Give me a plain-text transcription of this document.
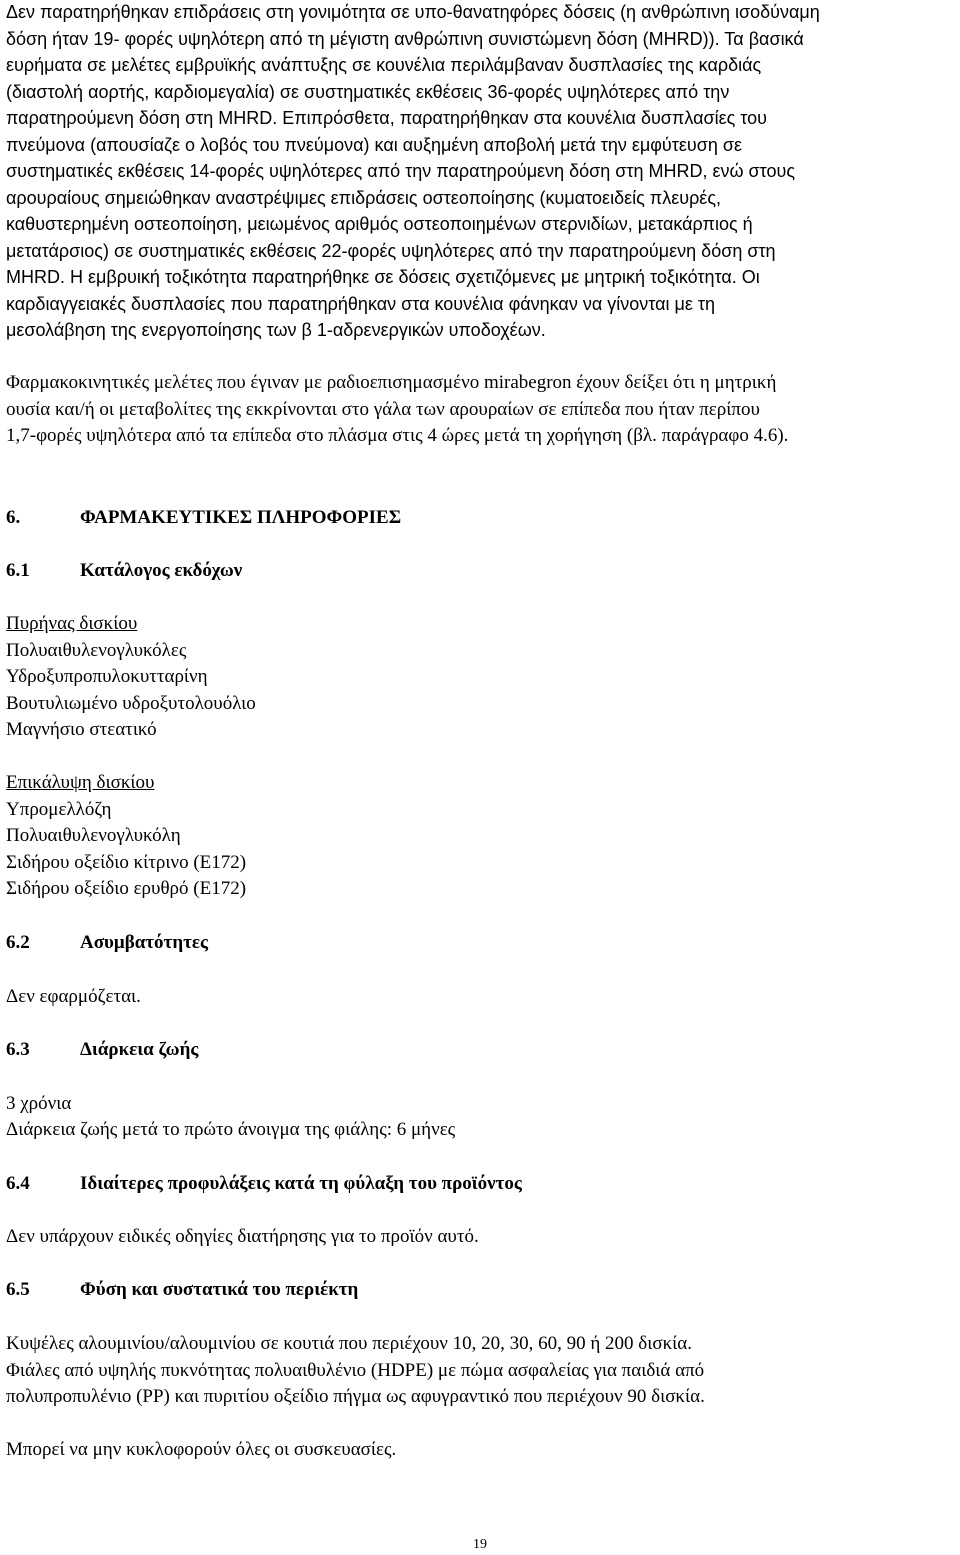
Δεν παρατηρήθηκαν επιδράσεις στη γονιμότητα σε υπο-θανατηφόρες δόσεις (η ανθρώπινη ισοδύναμη
δόση ήταν 19- φορές υψηλότερη από τη μέγιστη ανθρώπινη συνιστώμενη δόση (MHRD)). Τα βασικά
ευρήματα σε μελέτες εμβρυϊκής ανάπτυξης σε κουνέλια περιλάμβαναν δυσπλασίες της καρδιάς
(διαστολή αορτής, καρδιομεγαλία) σε συστηματικές εκθέσεις 36-φορές υψηλότερες από την
παρατηρούμενη δόση στη MHRD. Επιπρόσθετα, παρατηρήθηκαν στα κουνέλια δυσπλασίες του
πνεύμονα (απουσίαζε ο λοβός του πνεύμονα) και αυξημένη αποβολή μετά την εμφύτευση σε
συστηματικές εκθέσεις 14-φορές υψηλότερες από την παρατηρούμενη δόση στη MHRD, ενώ στους
αρουραίους σημειώθηκαν αναστρέψιμες επιδράσεις οστεοποίησης (κυματοειδείς πλευρές,
καθυστερημένη οστεοποίηση, μειωμένος αριθμός οστεοποιημένων στερνιδίων, μετακάρπιος ή
μετατάρσιος) σε συστηματικές εκθέσεις 22-φορές υψηλότερες από την παρατηρούμενη δόση στη
MHRD. Η εμβρυική τοξικότητα παρατηρήθηκε σε δόσεις σχετιζόμενες με μητρική τοξικότητα. Οι
καρδιαγγειακές δυσπλασίες που παρατηρήθηκαν στα κουνέλια φάνηκαν να γίνονται με τη
μεσολάβηση της ενεργοποίησης των β 1-αδρενεργικών υποδοχέων.

Φαρμακοκινητικές μελέτες που έγιναν με ραδιοεπισημασμένο mirabegron έχουν δείξει ότι η μητρική
ουσία και/ή οι μεταβολίτες της εκκρίνονται στο γάλα των αρουραίων σε επίπεδα που ήταν περίπου
1,7-φορές υψηλότερα από τα επίπεδα στο πλάσμα στις 4 ώρες μετά τη χορήγηση (βλ. παράγραφο 4.6).

6.	ΦΑΡΜΑΚΕΥΤΙΚΕΣ ΠΛΗΡΟΦΟΡΙΕΣ
6.1	Κατάλογος εκδόχων

Πυρήνας δισκίου

Πολυαιθυλενογλυκόλες

Υδροξυπροπυλοκυτταρίνη

Βουτυλιωμένο υδροξυτολουόλιο

Μαγνήσιο στεατικό

Επικάλυψη δισκίου

Υπρομελλόζη

Πολυαιθυλενογλυκόλη

Σιδήρου οξείδιο κίτρινο (E172)

Σιδήρου οξείδιο ερυθρό (E172)

6.2	Ασυμβατότητες

Δεν εφαρμόζεται.

6.3	Διάρκεια ζωής

3 χρόνια

Διάρκεια ζωής μετά το πρώτο άνοιγμα της φιάλης: 6 μήνες

6.4	Ιδιαίτερες προφυλάξεις κατά τη φύλαξη του προϊόντος

Δεν υπάρχουν ειδικές οδηγίες διατήρησης για το προϊόν αυτό.

6.5	Φύση και συστατικά του περιέκτη

Κυψέλες αλουμινίου/αλουμινίου σε κουτιά που περιέχουν 10, 20, 30, 60, 90 ή 200 δισκία.
Φιάλες από υψηλής πυκνότητας πολυαιθυλένιο (HDPE) με πώμα ασφαλείας για παιδιά από
πολυπροπυλένιο (PP) και πυριτίου οξείδιο πήγμα ως αφυγραντικό που περιέχουν 90 δισκία.

Μπορεί να μην κυκλοφορούν όλες οι συσκευασίες.

19
